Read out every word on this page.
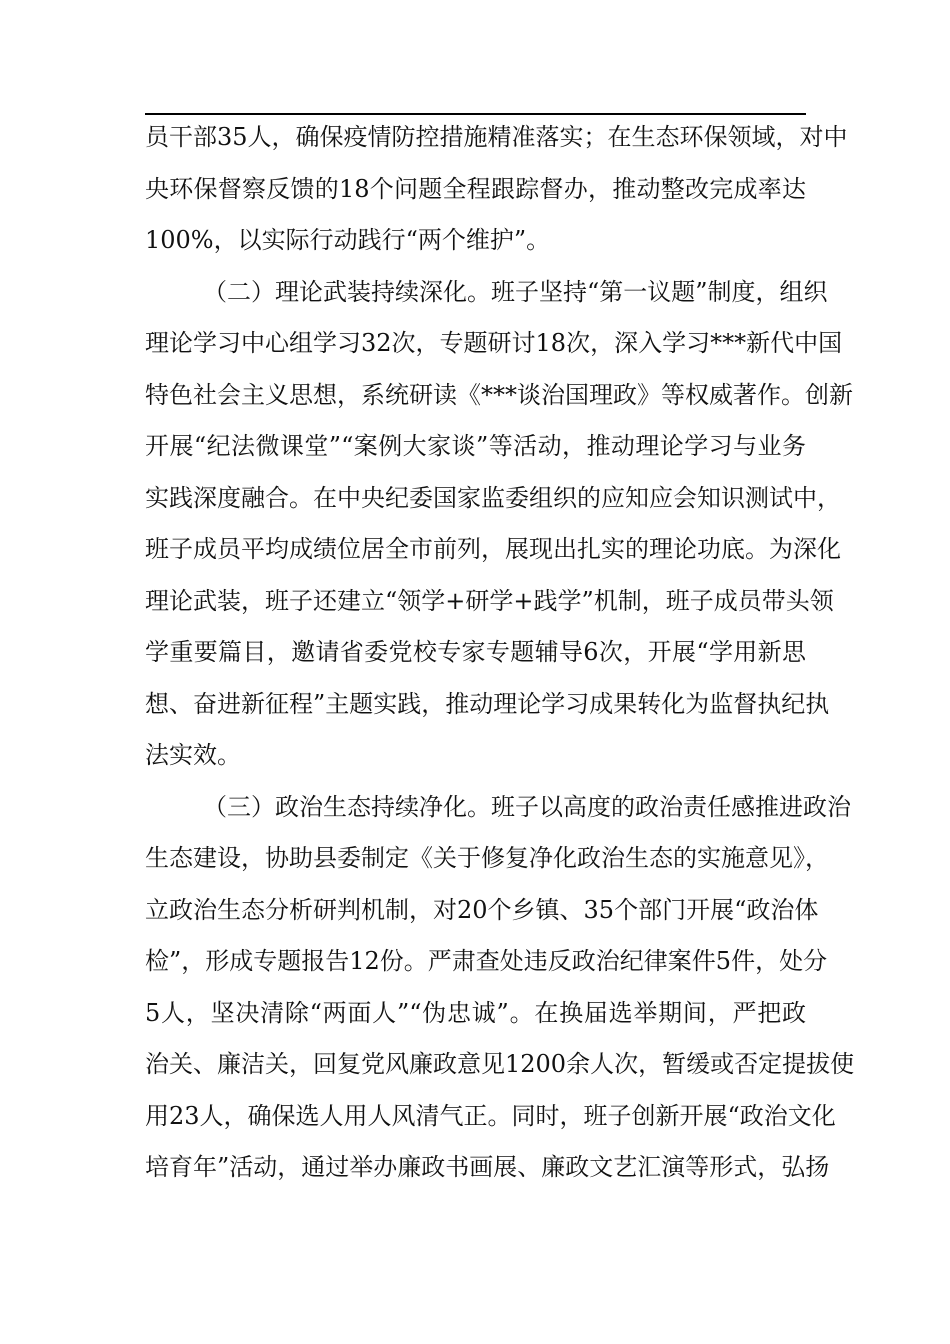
员干部35人，确保疫情防控措施精准落实；在生态环保领域，对中
央环保督察反馈的18个问题全程跟踪督办，推动整改完成率达
100%，以实际行动践行“两个维护”。
（二）理论武装持续深化。班子坚持“第一议题”制度，组织
理论学习中心组学习32次，专题研讨18次，深入学习***新代中国
特色社会主义思想，系统研读《***谈治国理政》等权威著作。创新
开展“纪法微课堂”“案例大家谈”等活动，推动理论学习与业务
实践深度融合。在中央纪委国家监委组织的应知应会知识测试中，
班子成员平均成绩位居全市前列，展现出扎实的理论功底。为深化
理论武装，班子还建立“领学+研学+践学”机制，班子成员带头领
学重要篇目，邀请省委党校专家专题辅导6次，开展“学用新思
想、奋进新征程”主题实践，推动理论学习成果转化为监督执纪执
法实效。
（三）政治生态持续净化。班子以高度的政治责任感推进政治
生态建设，协助县委制定《关于修复净化政治生态的实施意见》，
立政治生态分析研判机制，对20个乡镇、35个部门开展“政治体
检”，形成专题报告12份。严肃查处违反政治纪律案件5件，处分
5人，坚决清除“两面人”“伪忠诚”。在换届选举期间，严把政
治关、廉洁关，回复党风廉政意见1200余人次，暂缓或否定提拔使
用23人，确保选人用人风清气正。同时，班子创新开展“政治文化
培育年”活动，通过举办廉政书画展、廉政文艺汇演等形式，弘扬
